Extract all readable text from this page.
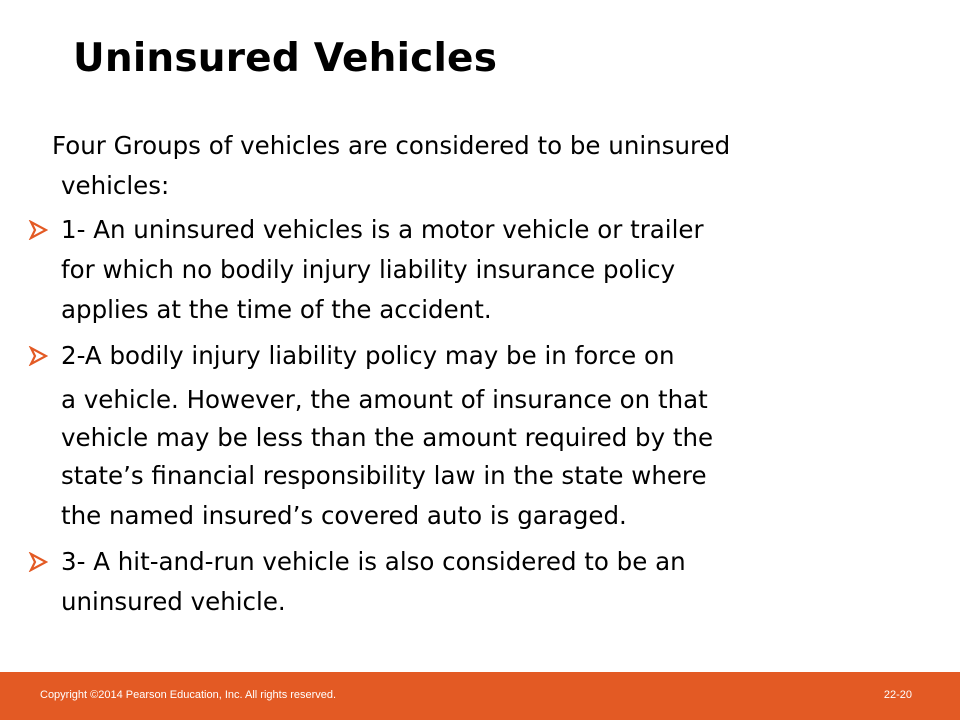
Uninsured Vehicles
Four Groups of vehicles are considered to be uninsured
vehicles:
1- An uninsured vehicles is a motor vehicle or trailer
for which no bodily injury liability insurance policy
applies at the time of the accident.
2-A bodily injury liability policy may be in force on
a vehicle. However, the amount of insurance on that
vehicle may be less than the amount required by the
state’s financial responsibility law in the state where
the named insured’s covered auto is garaged.
3- A hit-and-run vehicle is also considered to be an
uninsured vehicle.
Copyright ©2014 Pearson Education, Inc. All rights reserved.	22-20
